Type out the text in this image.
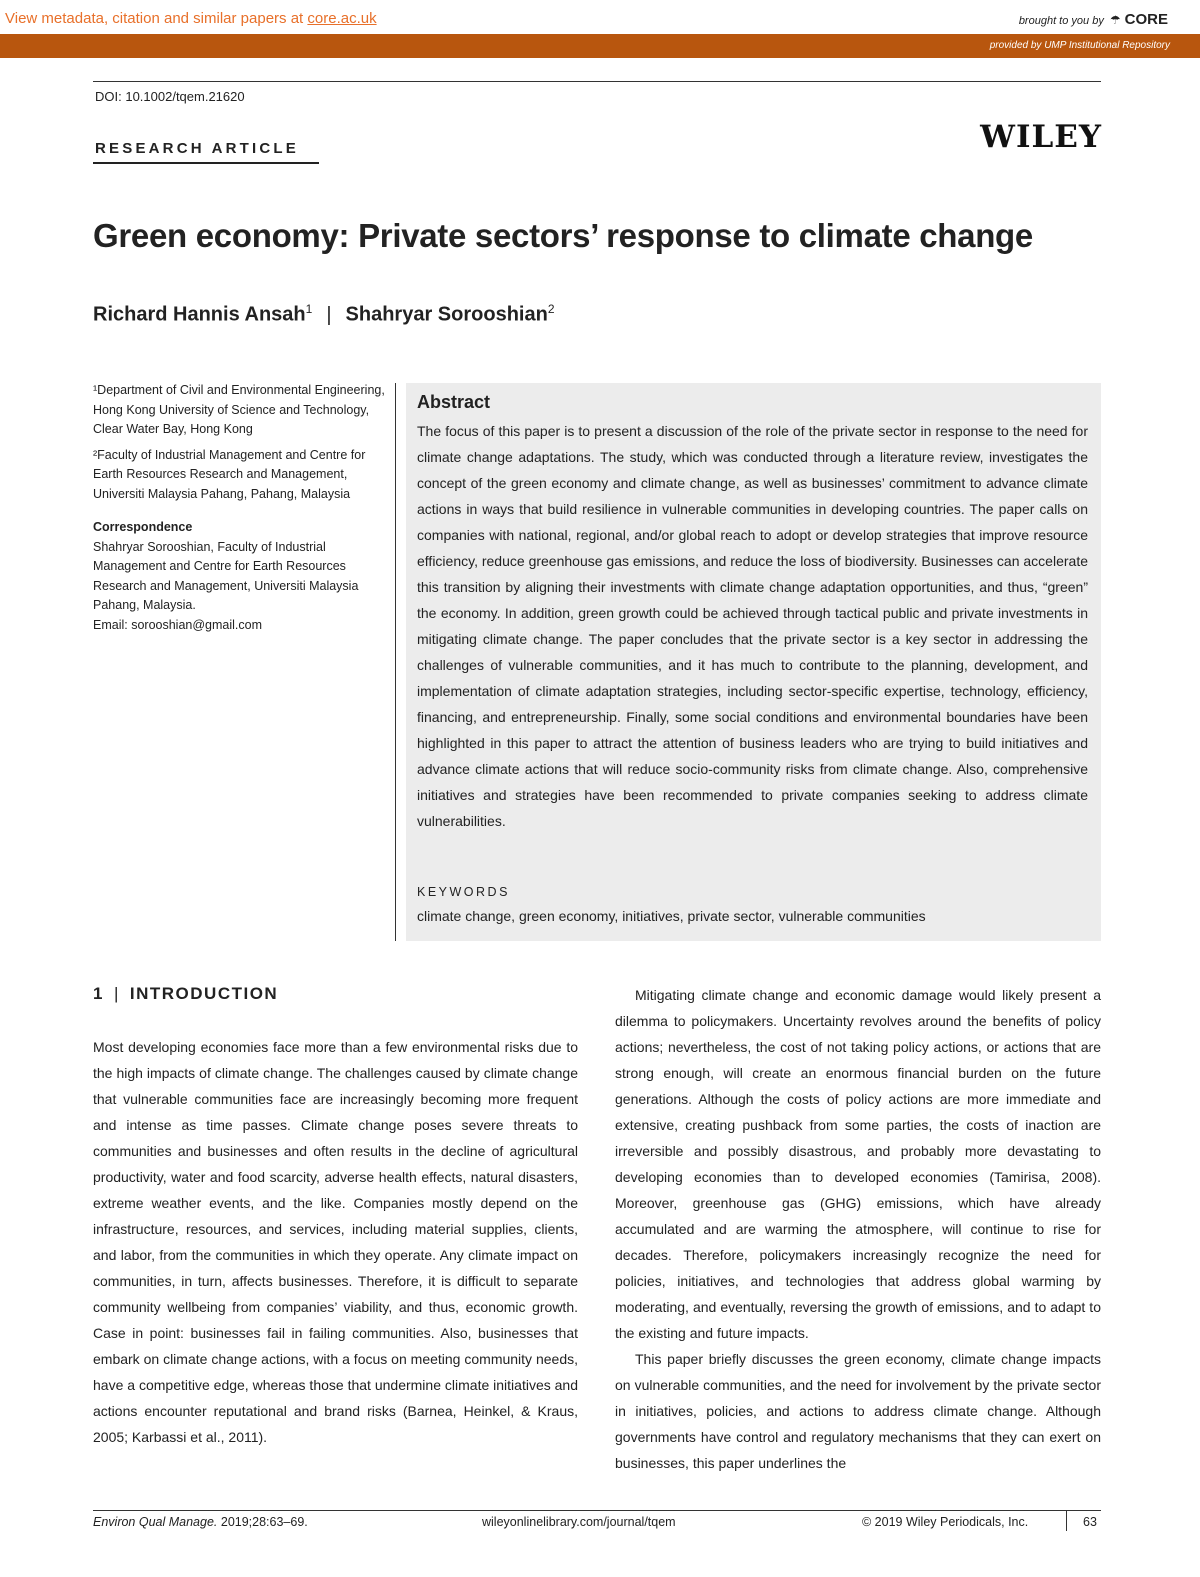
View metadata, citation and similar papers at core.ac.uk	brought to you by ☂ CORE
provided by UMP Institutional Repository
DOI: 10.1002/tqem.21620
RESEARCH ARTICLE	WILEY
Green economy: Private sectors’ response to climate change
Richard Hannis Ansah$^1$ | Shahryar Sorooshian$^2$

¹Department of Civil and Environmental Engineering, Hong Kong University of Science and Technology, Clear Water Bay, Hong Kong

²Faculty of Industrial Management and Centre for Earth Resources Research and Management, Universiti Malaysia Pahang, Pahang, Malaysia

Correspondence

Shahryar Sorooshian, Faculty of Industrial Management and Centre for Earth Resources Research and Management, Universiti Malaysia Pahang, Malaysia.

Email: sorooshian@gmail.com

Abstract
The focus of this paper is to present a discussion of the role of the private sector in response to the need for climate change adaptations. The study, which was conducted through a literature review, investigates the concept of the green economy and climate change, as well as businesses’ commitment to advance climate actions in ways that build resilience in vulnerable communities in developing countries. The paper calls on companies with national, regional, and/or global reach to adopt or develop strategies that improve resource efficiency, reduce greenhouse gas emissions, and reduce the loss of biodiversity. Businesses can accelerate this transition by aligning their investments with climate change adaptation opportunities, and thus, “green” the economy. In addition, green growth could be achieved through tactical public and private investments in mitigating climate change. The paper concludes that the private sector is a key sector in addressing the challenges of vulnerable communities, and it has much to contribute to the planning, development, and implementation of climate adaptation strategies, including sector-specific expertise, technology, efficiency, financing, and entrepreneurship. Finally, some social conditions and environmental boundaries have been highlighted in this paper to attract the attention of business leaders who are trying to build initiatives and advance climate actions that will reduce socio-community risks from climate change. Also, comprehensive initiatives and strategies have been recommended to private companies seeking to address climate vulnerabilities.
KEYWORDS
climate change, green economy, initiatives, private sector, vulnerable communities
1 | INTRODUCTION

Most developing economies face more than a few environmental risks due to the high impacts of climate change. The challenges caused by climate change that vulnerable communities face are increasingly becoming more frequent and intense as time passes. Climate change poses severe threats to communities and businesses and often results in the decline of agricultural productivity, water and food scarcity, adverse health effects, natural disasters, extreme weather events, and the like. Companies mostly depend on the infrastructure, resources, and services, including material supplies, clients, and labor, from the communities in which they operate. Any climate impact on communities, in turn, affects businesses. Therefore, it is difficult to separate community wellbeing from companies’ viability, and thus, economic growth. Case in point: businesses fail in failing communities. Also, businesses that embark on climate change actions, with a focus on meeting community needs, have a competitive edge, whereas those that undermine climate initiatives and actions encounter reputational and brand risks (Barnea, Heinkel, & Kraus, 2005; Karbassi et al., 2011).

Mitigating climate change and economic damage would likely present a dilemma to policymakers. Uncertainty revolves around the benefits of policy actions; nevertheless, the cost of not taking policy actions, or actions that are strong enough, will create an enormous financial burden on the future generations. Although the costs of policy actions are more immediate and extensive, creating pushback from some parties, the costs of inaction are irreversible and possibly disastrous, and probably more devastating to developing economies than to developed economies (Tamirisa, 2008). Moreover, greenhouse gas (GHG) emissions, which have already accumulated and are warming the atmosphere, will continue to rise for decades. Therefore, policymakers increasingly recognize the need for policies, initiatives, and technologies that address global warming by moderating, and eventually, reversing the growth of emissions, and to adapt to the existing and future impacts.

This paper briefly discusses the green economy, climate change impacts on vulnerable communities, and the need for involvement by the private sector in initiatives, policies, and actions to address climate change. Although governments have control and regulatory mechanisms that they can exert on businesses, this paper underlines the

Environ Qual Manage. 2019;28:63–69.	wileyonlinelibrary.com/journal/tqem	© 2019 Wiley Periodicals, Inc.	63
